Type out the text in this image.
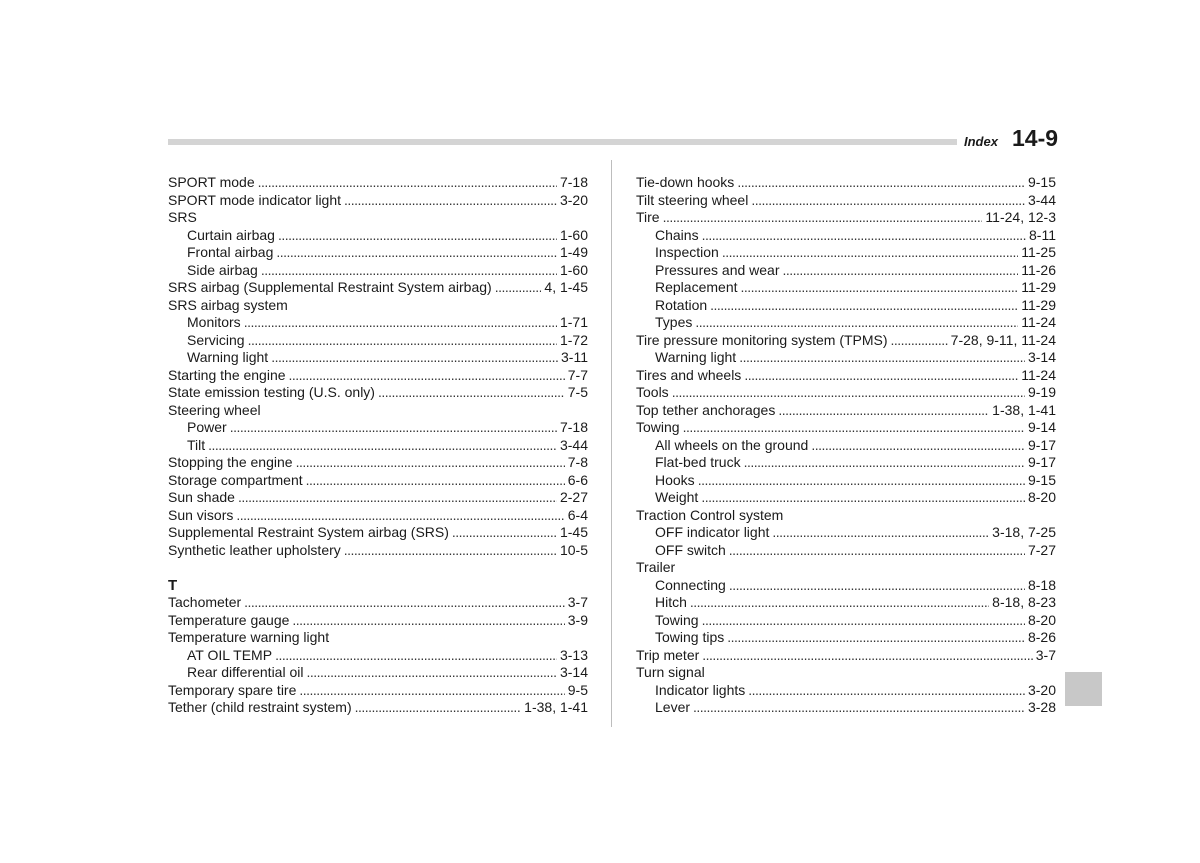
Index 14-9
SPORT mode . . .	7-18
SPORT mode indicator light . . .	3-20
SRS
Curtain airbag . . .	1-60
Frontal airbag . . .	1-49
Side airbag . . .	1-60
SRS airbag (Supplemental Restraint System airbag) . . .	4, 1-45
SRS airbag system
Monitors . . .	1-71
Servicing . . .	1-72
Warning light . . .	3-11
Starting the engine . . .	7-7
State emission testing (U.S. only) . . .	7-5
Steering wheel
Power . . .	7-18
Tilt . . .	3-44
Stopping the engine . . .	7-8
Storage compartment . . .	6-6
Sun shade . . .	2-27
Sun visors . . .	6-4
Supplemental Restraint System airbag (SRS) . . .	1-45
Synthetic leather upholstery . . .	10-5
T
Tachometer . . .	3-7
Temperature gauge . . .	3-9
Temperature warning light
AT OIL TEMP . . .	3-13
Rear differential oil . . .	3-14
Temporary spare tire . . .	9-5
Tether (child restraint system) . . .	1-38, 1-41
Tie-down hooks . . .	9-15
Tilt steering wheel . . .	3-44
Tire . . .	11-24, 12-3
Chains . . .	8-11
Inspection . . .	11-25
Pressures and wear . . .	11-26
Replacement . . .	11-29
Rotation . . .	11-29
Types . . .	11-24
Tire pressure monitoring system (TPMS) . . .	7-28, 9-11, 11-24
Warning light . . .	3-14
Tires and wheels . . .	11-24
Tools . . .	9-19
Top tether anchorages . . .	1-38, 1-41
Towing . . .	9-14
All wheels on the ground . . .	9-17
Flat-bed truck . . .	9-17
Hooks . . .	9-15
Weight . . .	8-20
Traction Control system
OFF indicator light . . .	3-18, 7-25
OFF switch . . .	7-27
Trailer
Connecting . . .	8-18
Hitch . . .	8-18, 8-23
Towing . . .	8-20
Towing tips . . .	8-26
Trip meter . . .	3-7
Turn signal
Indicator lights . . .	3-20
Lever . . .	3-28
